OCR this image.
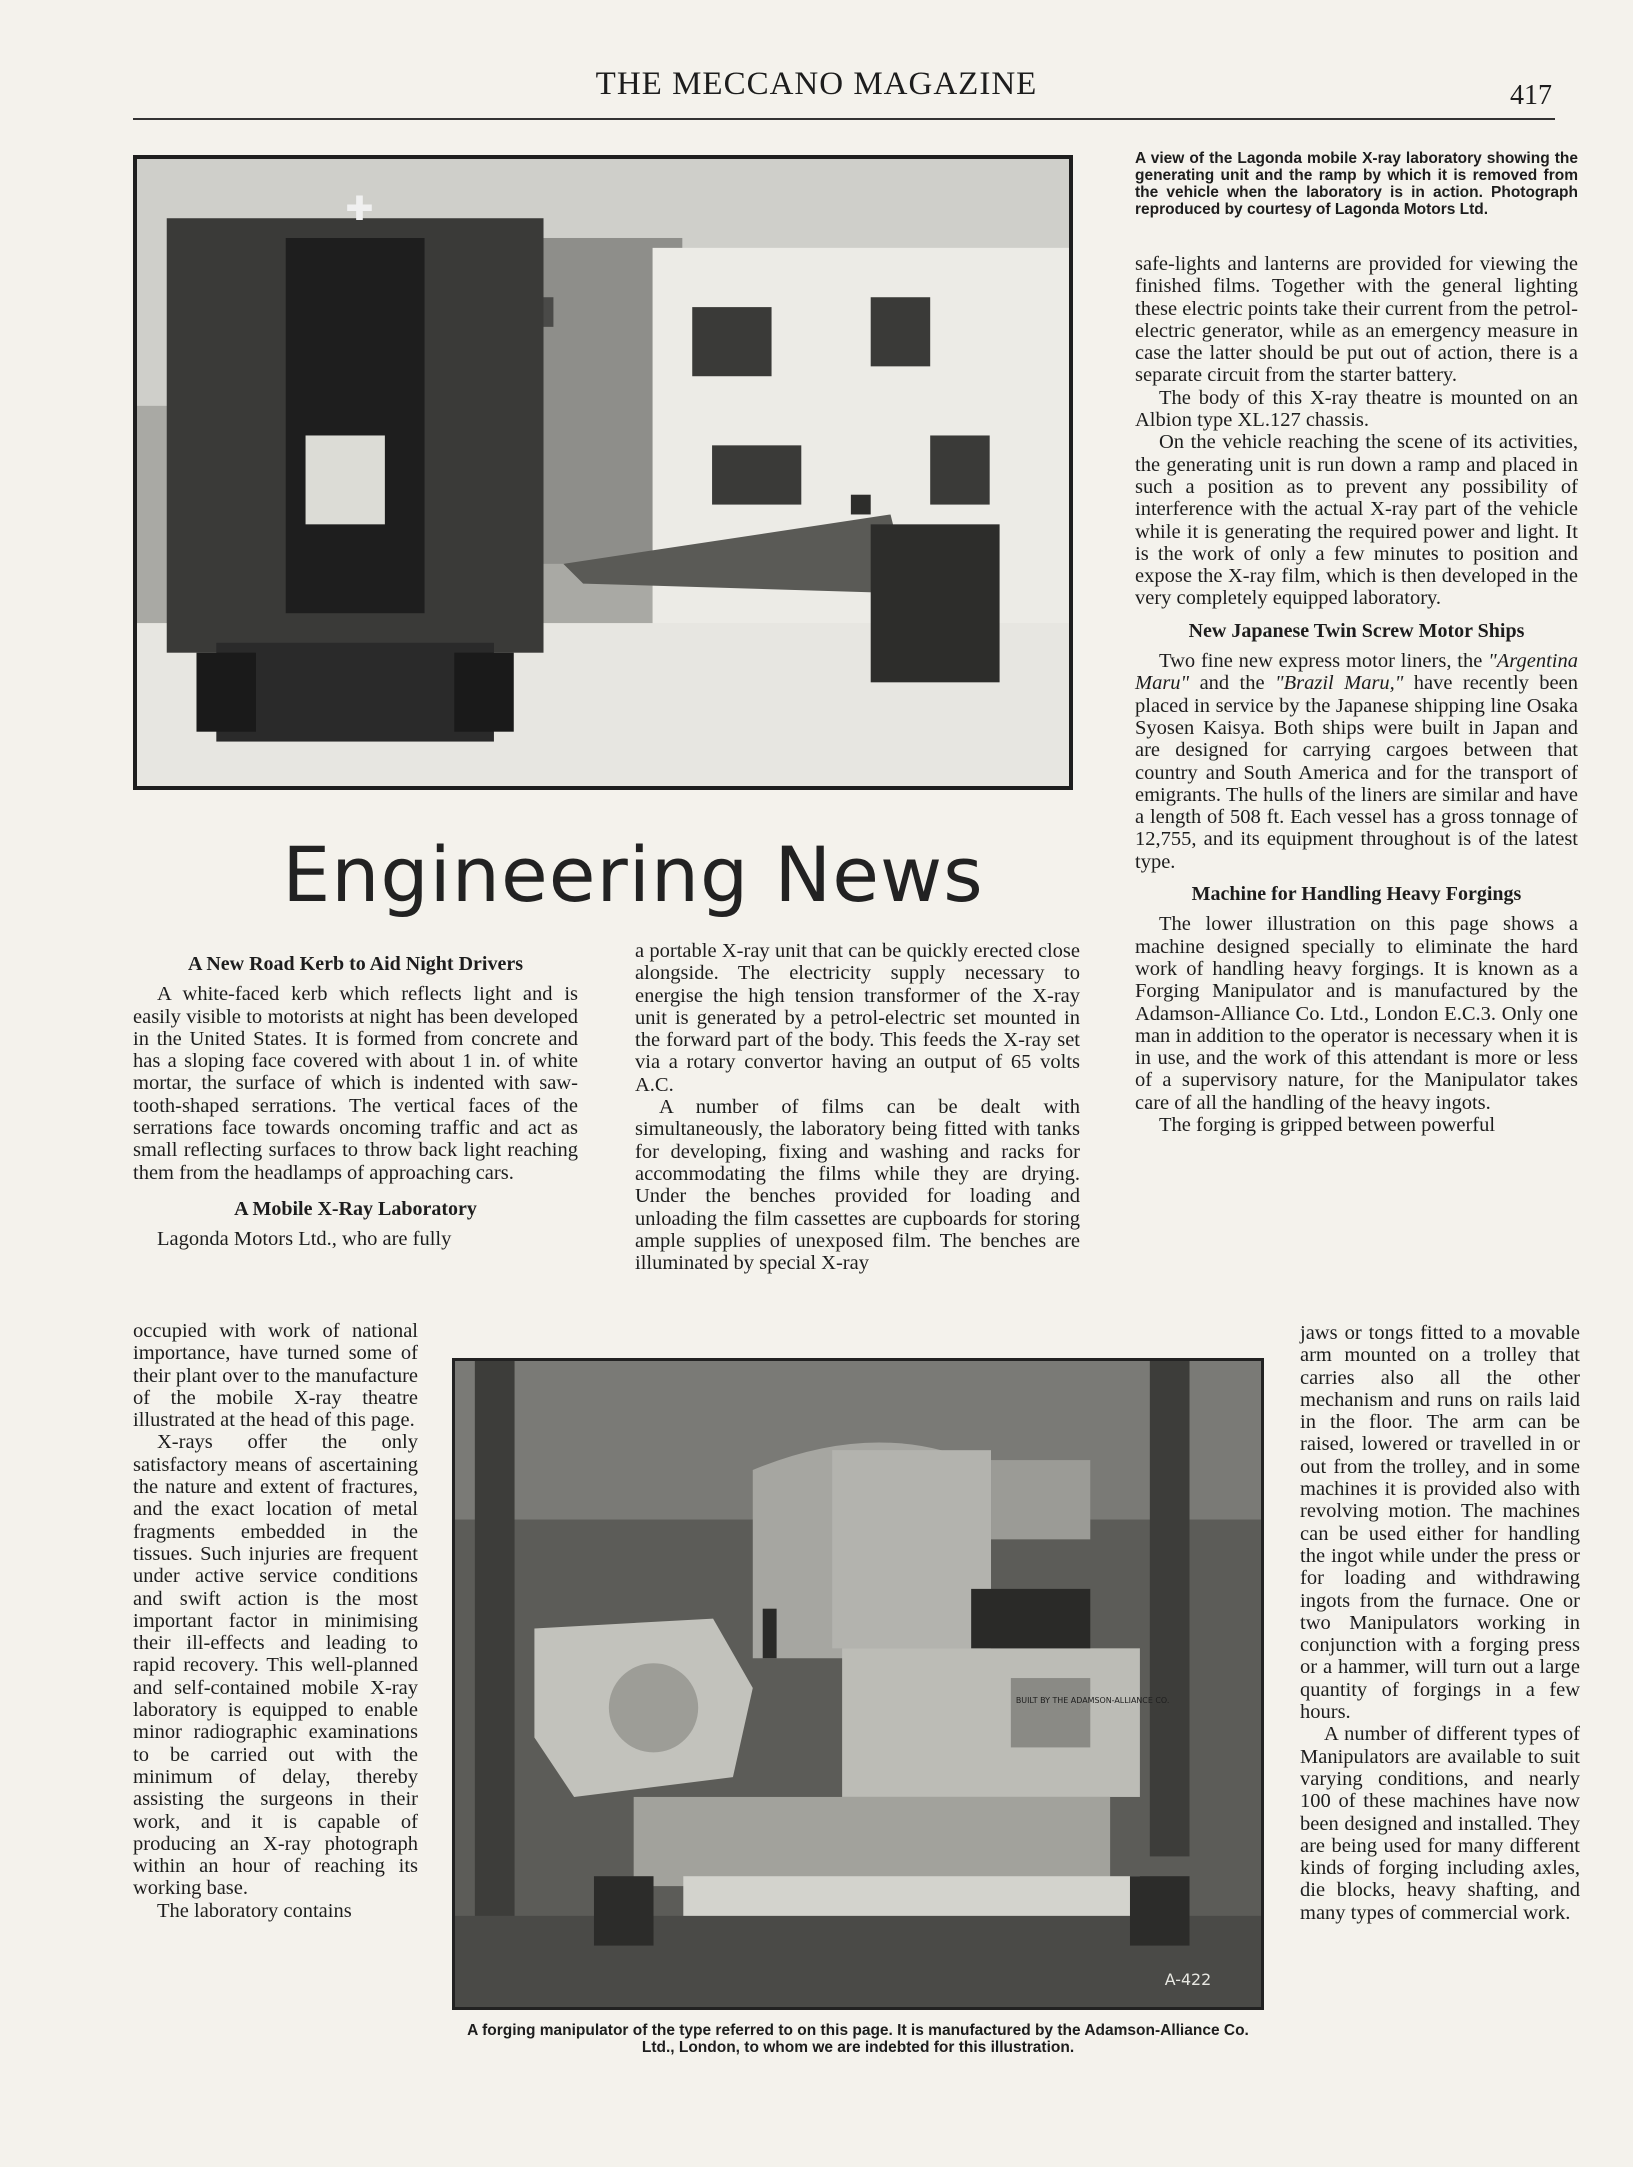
THE MECCANO MAGAZINE	417
✚
A view of the Lagonda mobile X-ray laboratory showing the generating unit and the ramp by which it is removed from the vehicle when the laboratory is in action. Photograph reproduced by courtesy of Lagonda Motors Ltd.
Engineering News
A New Road Kerb to Aid Night Drivers

A white-faced kerb which reflects light and is easily visible to motorists at night has been developed in the United States. It is formed from concrete and has a sloping face covered with about 1 in. of white mortar, the surface of which is indented with saw-tooth-shaped serrations. The vertical faces of the serrations face towards oncoming traffic and act as small reflecting surfaces to throw back light reaching them from the headlamps of approaching cars.

A Mobile X-Ray Laboratory

Lagonda Motors Ltd., who are fully

occupied with work of national importance, have turned some of their plant over to the manufacture of the mobile X-ray theatre illustrated at the head of this page.

X-rays offer the only satisfactory means of ascertaining the nature and extent of fractures, and the exact location of metal fragments embedded in the tissues. Such injuries are frequent under active service conditions and swift action is the most important factor in minimising their ill-effects and leading to rapid recovery. This well-planned and self-contained mobile X-ray laboratory is equipped to enable minor radiographic examinations to be carried out with the minimum of delay, thereby assisting the surgeons in their work, and it is capable of producing an X-ray photograph within an hour of reaching its working base.

The laboratory contains

a portable X-ray unit that can be quickly erected close alongside. The electricity supply necessary to energise the high tension transformer of the X-ray unit is generated by a petrol-electric set mounted in the forward part of the body. This feeds the X-ray set via a rotary convertor having an output of 65 volts A.C.

A number of films can be dealt with simultaneously, the laboratory being fitted with tanks for developing, fixing and washing and racks for accommodating the films while they are drying. Under the benches provided for loading and unloading the film cassettes are cupboards for storing ample supplies of unexposed film. The benches are illuminated by special X-ray

safe-lights and lanterns are provided for viewing the finished films. Together with the general lighting these electric points take their current from the petrol-electric generator, while as an emergency measure in case the latter should be put out of action, there is a separate circuit from the starter battery.

The body of this X-ray theatre is mounted on an Albion type XL.127 chassis.

On the vehicle reaching the scene of its activities, the generating unit is run down a ramp and placed in such a position as to prevent any possibility of interference with the actual X-ray part of the vehicle while it is generating the required power and light. It is the work of only a few minutes to position and expose the X-ray film, which is then developed in the very completely equipped laboratory.

New Japanese Twin Screw Motor Ships

Two fine new express motor liners, the "Argentina Maru" and the "Brazil Maru," have recently been placed in service by the Japanese shipping line Osaka Syosen Kaisya. Both ships were built in Japan and are designed for carrying cargoes between that country and South America and for the transport of emigrants. The hulls of the liners are similar and have a length of 508 ft. Each vessel has a gross tonnage of 12,755, and its equipment throughout is of the latest type.

Machine for Handling Heavy Forgings

The lower illustration on this page shows a machine designed specially to eliminate the hard work of handling heavy forgings. It is known as a Forging Manipulator and is manufactured by the Adamson-Alliance Co. Ltd., London E.C.3. Only one man in addition to the operator is necessary when it is in use, and the work of this attendant is more or less of a supervisory nature, for the Manipulator takes care of all the handling of the heavy ingots.

The forging is gripped between powerful

jaws or tongs fitted to a movable arm mounted on a trolley that carries also all the other mechanism and runs on rails laid in the floor. The arm can be raised, lowered or travelled in or out from the trolley, and in some machines it is provided also with revolving motion. The machines can be used either for handling the ingot while under the press or for loading and withdrawing ingots from the furnace. One or two Manipulators working in conjunction with a forging press or a hammer, will turn out a large quantity of forgings in a few hours.

A number of different types of Manipulators are available to suit varying conditions, and nearly 100 of these machines have now been designed and installed. They are being used for many different kinds of forging including axles, die blocks, heavy shafting, and many types of commercial work.

BUILT BY THE ADAMSON-ALLIANCE CO.
A-422
A forging manipulator of the type referred to on this page. It is manufactured by the Adamson-Alliance Co. Ltd., London, to whom we are indebted for this illustration.
